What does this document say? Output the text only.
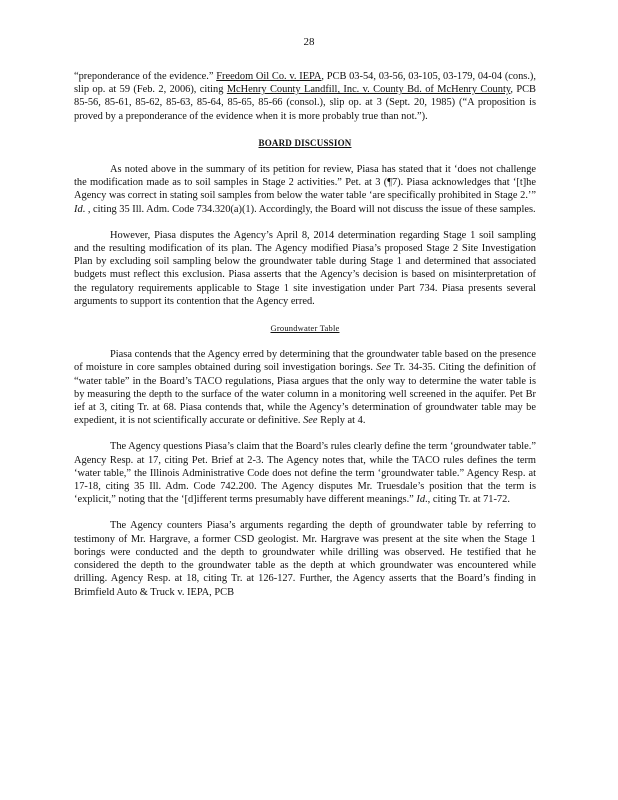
28

“preponderance of the evidence.” Freedom Oil Co. v. IEPA, PCB 03-54, 03-56, 03-105, 03-179, 04-04 (cons.), slip op. at 59 (Feb. 2, 2006), citing McHenry County Landfill, Inc. v. County Bd. of McHenry County, PCB 85-56, 85-61, 85-62, 85-63, 85-64, 85-65, 85-66 (consol.), slip op. at 3 (Sept. 20, 1985) (“A proposition is proved by a preponderance of the evidence when it is more probably true than not.”).

BOARD DISCUSSION

As noted above in the summary of its petition for review, Piasa has stated that it ‘does not challenge the modification made as to soil samples in Stage 2 activities.” Pet. at 3 (¶7). Piasa acknowledges that ‘[t]he Agency was correct in stating soil samples from below the water table ‘are specifically prohibited in Stage 2.’” Id. , citing 35 Ill. Adm. Code 734.320(a)(1). Accordingly, the Board will not discuss the issue of these samples.

However, Piasa disputes the Agency’s April 8, 2014 determination regarding Stage 1 soil sampling and the resulting modification of its plan. The Agency modified Piasa’s proposed Stage 2 Site Investigation Plan by excluding soil sampling below the groundwater table during Stage 1 and determined that associated budgets must reflect this exclusion. Piasa asserts that the Agency’s decision is based on misinterpretation of the regulatory requirements applicable to Stage 1 site investigation under Part 734. Piasa presents several arguments to support its contention that the Agency erred.

Groundwater Table

Piasa contends that the Agency erred by determining that the groundwater table based on the presence of moisture in core samples obtained during soil investigation borings. See Tr. 34-35. Citing the definition of “water table” in the Board’s TACO regulations, Piasa argues that the only way to determine the water table is by measuring the depth to the surface of the water column in a monitoring well screened in the aquifer. Pet Br ief at 3, citing Tr. at 68. Piasa contends that, while the Agency’s determination of groundwater table may be expedient, it is not scientifically accurate or definitive. See Reply at 4.

The Agency questions Piasa’s claim that the Board’s rules clearly define the term ‘groundwater table.” Agency Resp. at 17, citing Pet. Brief at 2-3. The Agency notes that, while the TACO rules defines the term ‘water table,” the Illinois Administrative Code does not define the term ‘groundwater table.” Agency Resp. at 17-18, citing 35 Ill. Adm. Code 742.200. The Agency disputes Mr. Truesdale’s position that the term is ‘explicit,” noting that the ‘[d]ifferent terms presumably have different meanings.” Id., citing Tr. at 71-72.

The Agency counters Piasa’s arguments regarding the depth of groundwater table by referring to testimony of Mr. Hargrave, a former CSD geologist. Mr. Hargrave was present at the site when the Stage 1 borings were conducted and the depth to groundwater while drilling was observed. He testified that he considered the depth to the groundwater table as the depth at which groundwater was encountered while drilling. Agency Resp. at 18, citing Tr. at 126-127. Further, the Agency asserts that the Board’s finding in Brimfield Auto & Truck v. IEPA, PCB
